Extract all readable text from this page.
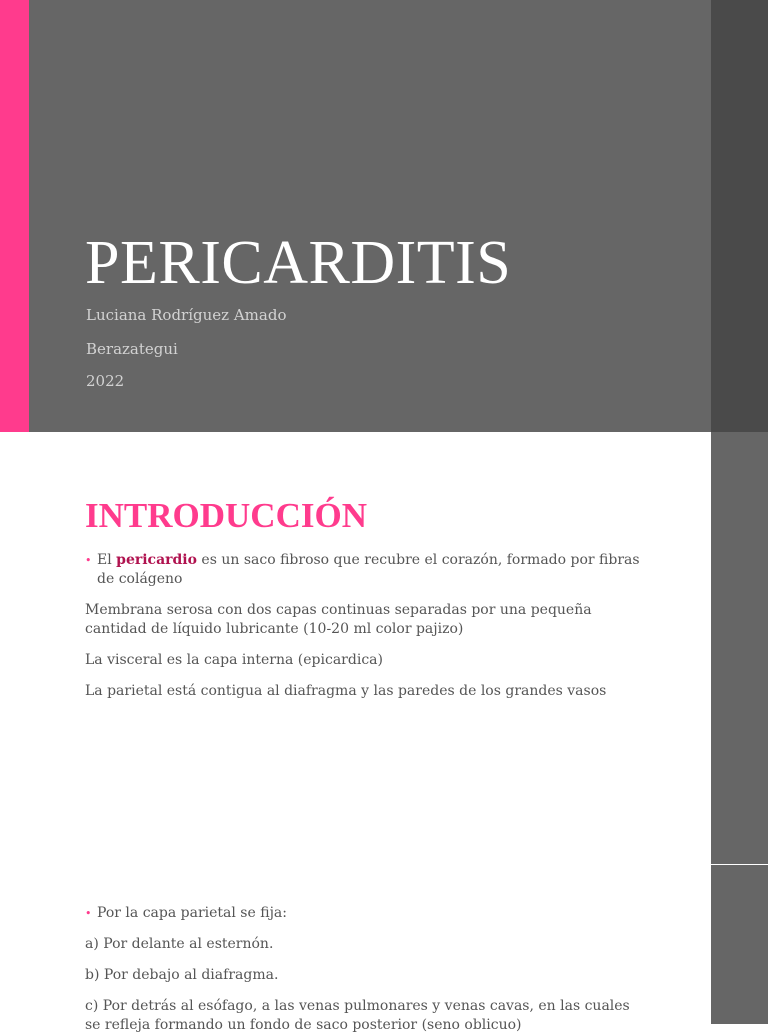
PERICARDITIS
Luciana Rodríguez Amado
Berazategui
2022
INTRODUCCIÓN
• El pericardio es un saco fibroso que recubre el corazón, formado por fibras de colágeno
Membrana serosa con dos capas continuas separadas por una pequeña cantidad de líquido lubricante (10-20 ml color pajizo)
La visceral es la capa interna (epicardica)
La parietal está contigua al diafragma y las paredes de los grandes vasos
• Por la capa parietal se fija:
a) Por delante al esternón.
b) Por debajo al diafragma.
c) Por detrás al esófago, a las venas pulmonares y venas cavas, en las cuales se refleja formando un fondo de saco posterior (seno oblicuo)
